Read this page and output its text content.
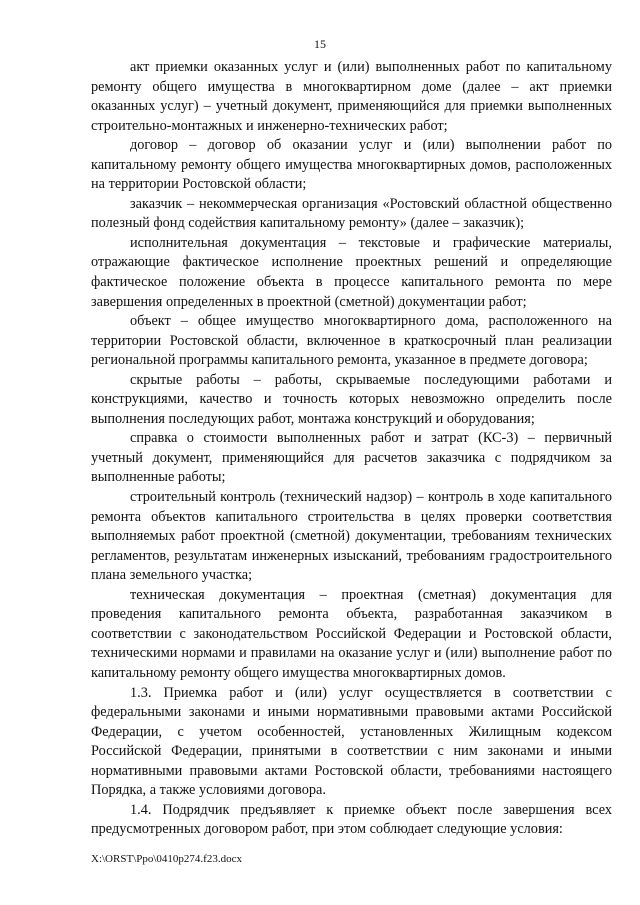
15

акт приемки оказанных услуг и (или) выполненных работ по капитальному ремонту общего имущества в многоквартирном доме (далее – акт приемки оказанных услуг) – учетный документ, применяющийся для приемки выполненных строительно-монтажных и инженерно-технических работ;

договор – договор об оказании услуг и (или) выполнении работ по капитальному ремонту общего имущества многоквартирных домов, расположенных на территории Ростовской области;

заказчик – некоммерческая организация «Ростовский областной общественно полезный фонд содействия капитальному ремонту» (далее – заказчик);

исполнительная документация – текстовые и графические материалы, отражающие фактическое исполнение проектных решений и определяющие фактическое положение объекта в процессе капитального ремонта по мере завершения определенных в проектной (сметной) документации работ;

объект – общее имущество многоквартирного дома, расположенного на территории Ростовской области, включенное в краткосрочный план реализации региональной программы капитального ремонта, указанное в предмете договора;

скрытые работы – работы, скрываемые последующими работами и конструкциями, качество и точность которых невозможно определить после выполнения последующих работ, монтажа конструкций и оборудования;

справка о стоимости выполненных работ и затрат (КС-3) – первичный учетный документ, применяющийся для расчетов заказчика с подрядчиком за выполненные работы;

строительный контроль (технический надзор) – контроль в ходе капитального ремонта объектов капитального строительства в целях проверки соответствия выполняемых работ проектной (сметной) документации, требованиям технических регламентов, результатам инженерных изысканий, требованиям градостроительного плана земельного участка;

техническая документация – проектная (сметная) документация для проведения капитального ремонта объекта, разработанная заказчиком в соответствии с законодательством Российской Федерации и Ростовской области, техническими нормами и правилами на оказание услуг и (или) выполнение работ по капитальному ремонту общего имущества многоквартирных домов.

1.3. Приемка работ и (или) услуг осуществляется в соответствии с федеральными законами и иными нормативными правовыми актами Российской Федерации, с учетом особенностей, установленных Жилищным кодексом Российской Федерации, принятыми в соответствии с ним законами и иными нормативными правовыми актами Ростовской области, требованиями настоящего Порядка, а также условиями договора.

1.4. Подрядчик предъявляет к приемке объект после завершения всех предусмотренных договором работ, при этом соблюдает следующие условия:

X:\ORST\Ppo\0410p274.f23.docx
